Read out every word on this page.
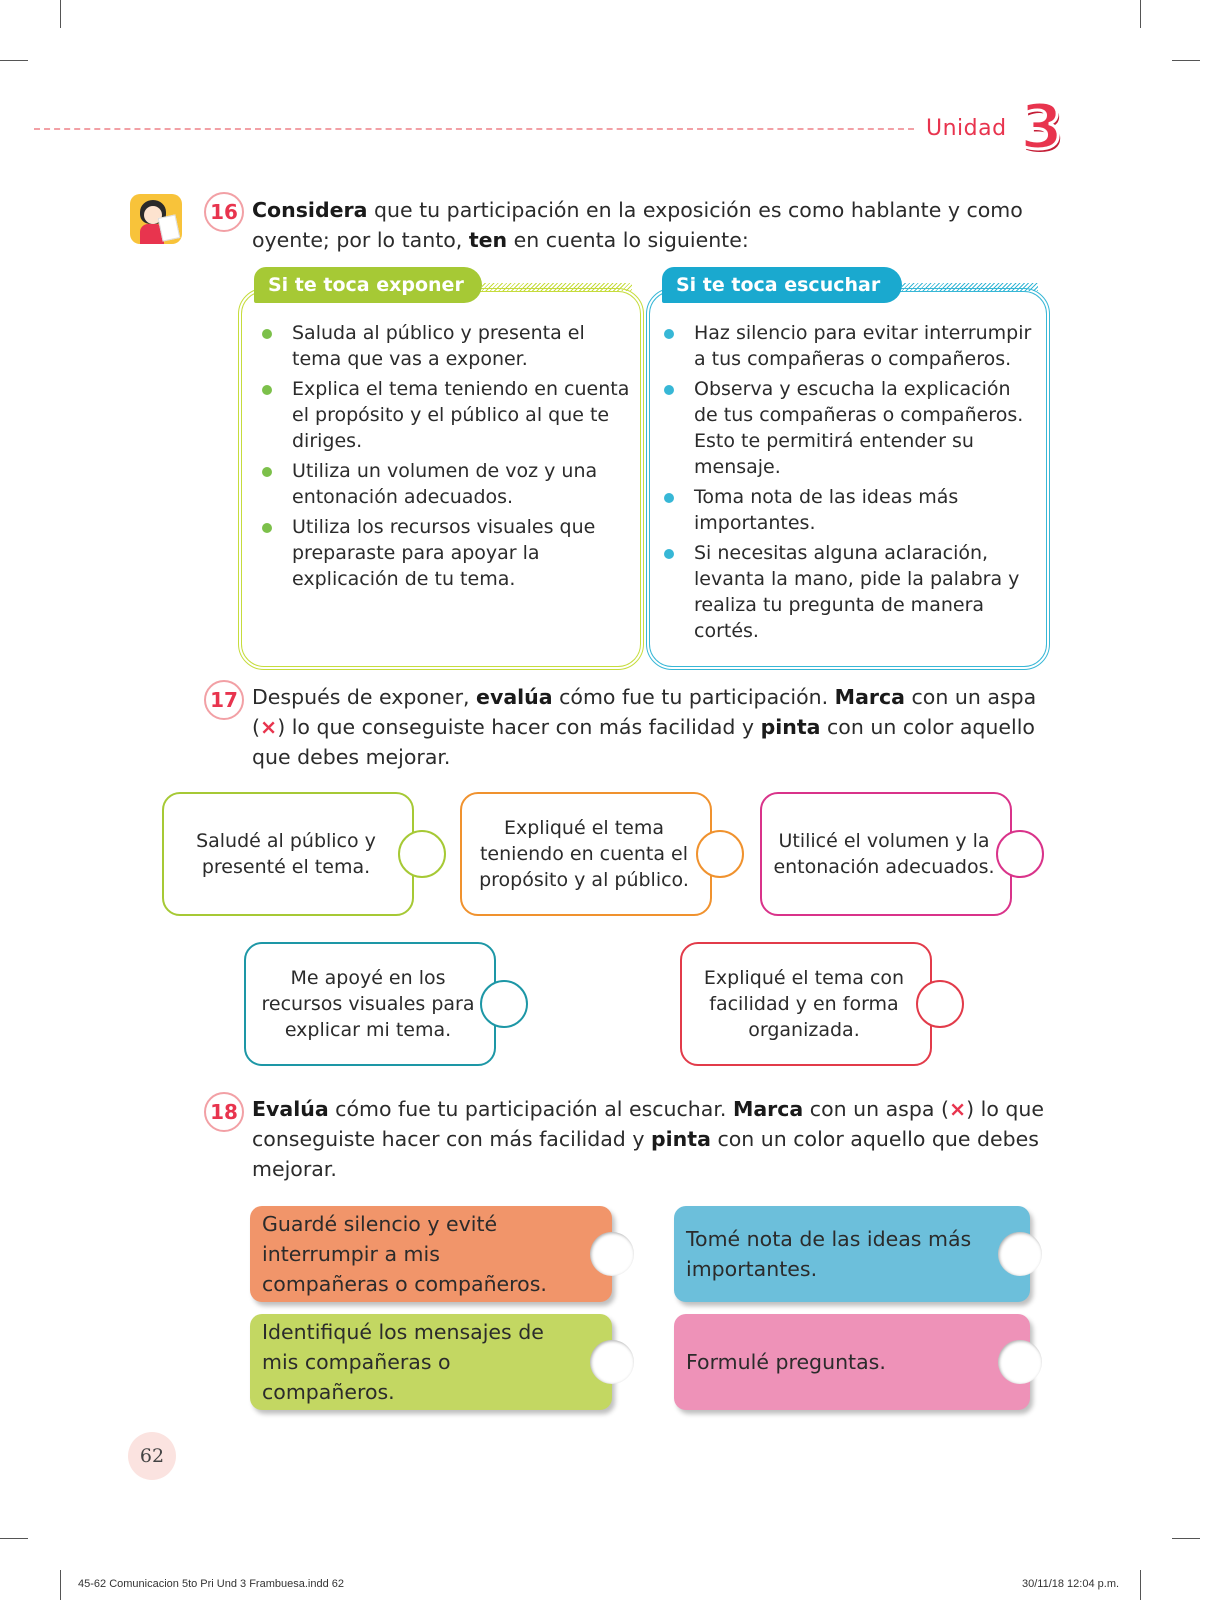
Unidad 3
16 Considera que tu participación en la exposición es como hablante y como oyente; por lo tanto, ten en cuenta lo siguiente:
Si te toca exponer
Saluda al público y presenta el tema que vas a exponer.
Explica el tema teniendo en cuenta el propósito y el público al que te diriges.
Utiliza un volumen de voz y una entonación adecuados.
Utiliza los recursos visuales que preparaste para apoyar la explicación de tu tema.
Si te toca escuchar
Haz silencio para evitar interrumpir a tus compañeras o compañeros.
Observa y escucha la explicación de tus compañeras o compañeros. Esto te permitirá entender su mensaje.
Toma nota de las ideas más importantes.
Si necesitas alguna aclaración, levanta la mano, pide la palabra y realiza tu pregunta de manera cortés.
17 Después de exponer, evalúa cómo fue tu participación. Marca con un aspa (×) lo que conseguiste hacer con más facilidad y pinta con un color aquello que debes mejorar.
Saludé al público y presenté el tema.
Expliqué el tema teniendo en cuenta el propósito y al público.
Utilicé el volumen y la entonación adecuados.
Me apoyé en los recursos visuales para explicar mi tema.
Expliqué el tema con facilidad y en forma organizada.
18 Evalúa cómo fue tu participación al escuchar. Marca con un aspa (×) lo que conseguiste hacer con más facilidad y pinta con un color aquello que debes mejorar.
Guardé silencio y evité interrumpir a mis compañeras o compañeros.
Tomé nota de las ideas más importantes.
Identifiqué los mensajes de mis compañeras o compañeros.
Formulé preguntas.
62
45-62 Comunicacion 5to Pri Und 3 Frambuesa.indd 62	30/11/18 12:04 p.m.
